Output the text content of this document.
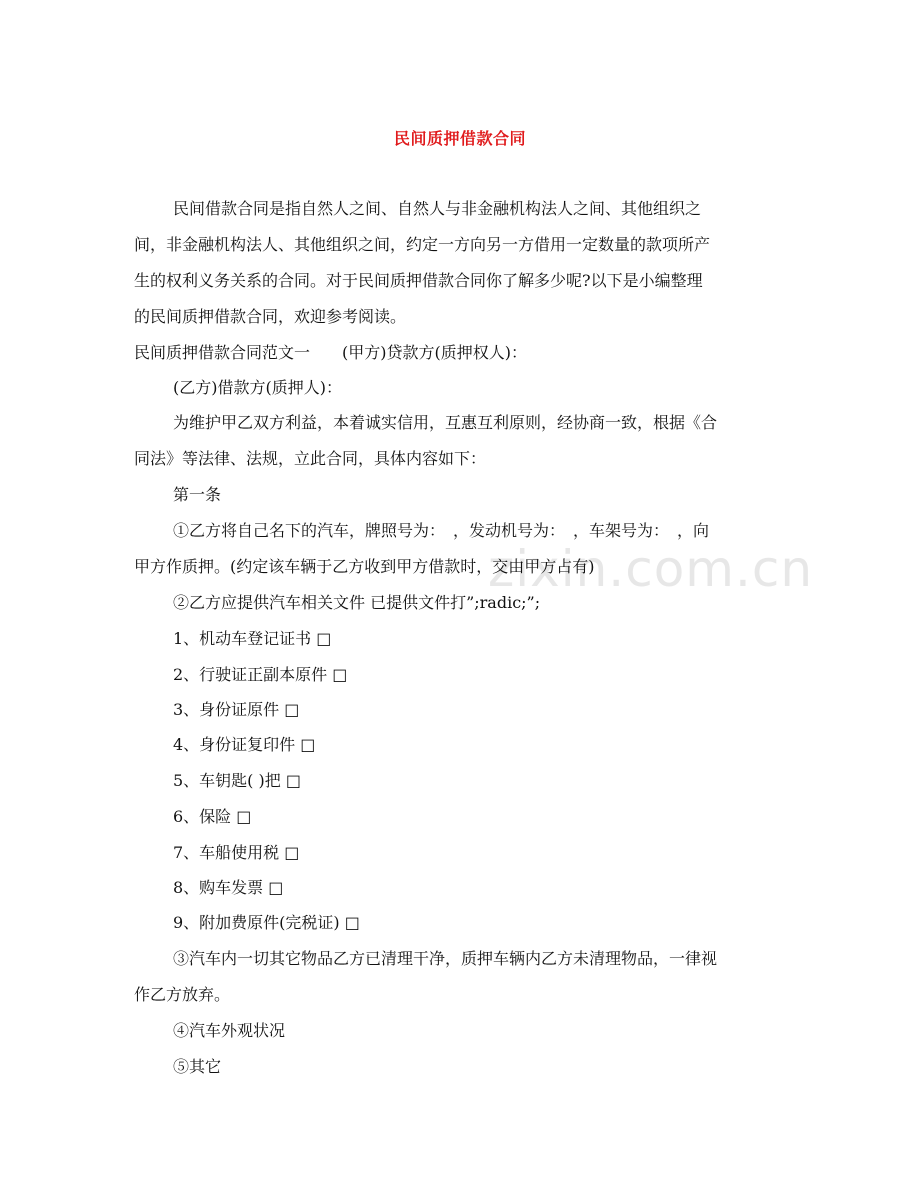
zixin.com.cn
民间质押借款合同
民间借款合同是指自然人之间、自然人与非金融机构法人之间、其他组织之
间，非金融机构法人、其他组织之间，约定一方向另一方借用一定数量的款项所产
生的权利义务关系的合同。对于民间质押借款合同你了解多少呢?以下是小编整理
的民间质押借款合同，欢迎参考阅读。
民间质押借款合同范文一　　(甲方)贷款方(质押权人)：
(乙方)借款方(质押人)：
为维护甲乙双方利益，本着诚实信用，互惠互利原则，经协商一致，根据《合
同法》等法律、法规，立此合同，具体内容如下：
第一条
①乙方将自己名下的汽车，牌照号为：　，发动机号为：　，车架号为：　，向
甲方作质押。(约定该车辆于乙方收到甲方借款时，交由甲方占有)
②乙方应提供汽车相关文件 已提供文件打”;radic;”;
1、机动车登记证书 □
2、行驶证正副本原件 □
3、身份证原件 □
4、身份证复印件 □
5、车钥匙( )把 □
6、保险 □
7、车船使用税 □
8、购车发票 □
9、附加费原件(完税证) □
③汽车内一切其它物品乙方已清理干净，质押车辆内乙方未清理物品，一律视
作乙方放弃。
④汽车外观状况
⑤其它
